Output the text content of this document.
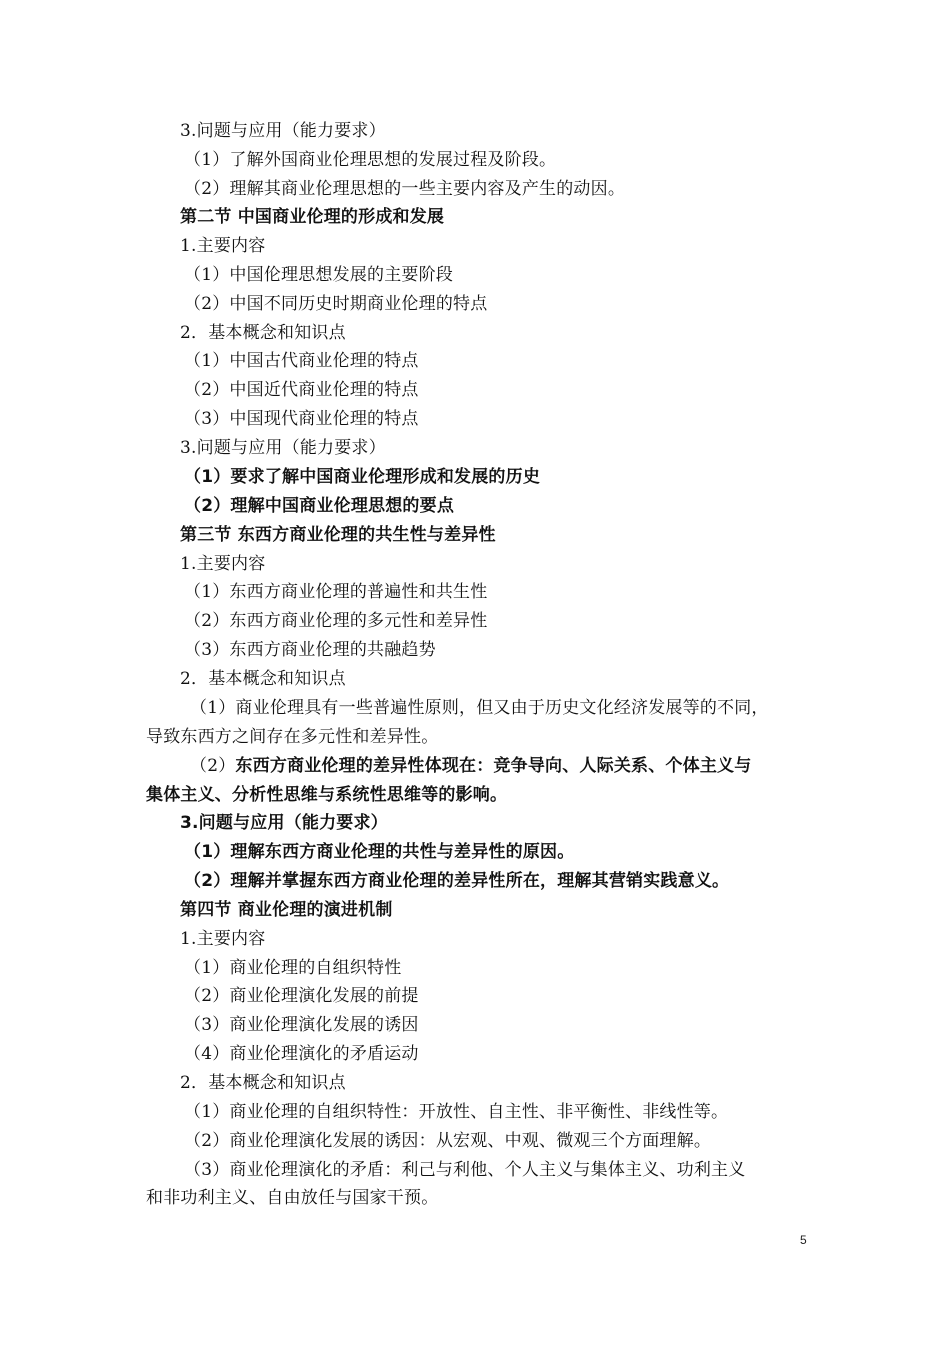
3.问题与应用（能力要求）
（1）了解外国商业伦理思想的发展过程及阶段。
（2）理解其商业伦理思想的一些主要内容及产生的动因。
第二节 中国商业伦理的形成和发展
1.主要内容
（1）中国伦理思想发展的主要阶段
（2）中国不同历史时期商业伦理的特点
2．基本概念和知识点
（1）中国古代商业伦理的特点
（2）中国近代商业伦理的特点
（3）中国现代商业伦理的特点
3.问题与应用（能力要求）
（1）要求了解中国商业伦理形成和发展的历史
（2）理解中国商业伦理思想的要点
第三节 东西方商业伦理的共生性与差异性
1.主要内容
（1）东西方商业伦理的普遍性和共生性
（2）东西方商业伦理的多元性和差异性
（3）东西方商业伦理的共融趋势
2．基本概念和知识点
（1）商业伦理具有一些普遍性原则，但又由于历史文化经济发展等的不同，
导致东西方之间存在多元性和差异性。
（2）东西方商业伦理的差异性体现在：竞争导向、人际关系、个体主义与
集体主义、分析性思维与系统性思维等的影响。
3.问题与应用（能力要求）
（1）理解东西方商业伦理的共性与差异性的原因。
（2）理解并掌握东西方商业伦理的差异性所在，理解其营销实践意义。
第四节 商业伦理的演进机制
1.主要内容
（1）商业伦理的自组织特性
（2）商业伦理演化发展的前提
（3）商业伦理演化发展的诱因
（4）商业伦理演化的矛盾运动
2．基本概念和知识点
（1）商业伦理的自组织特性：开放性、自主性、非平衡性、非线性等。
（2）商业伦理演化发展的诱因：从宏观、中观、微观三个方面理解。
（3）商业伦理演化的矛盾：利己与利他、个人主义与集体主义、功利主义
和非功利主义、自由放任与国家干预。
5
